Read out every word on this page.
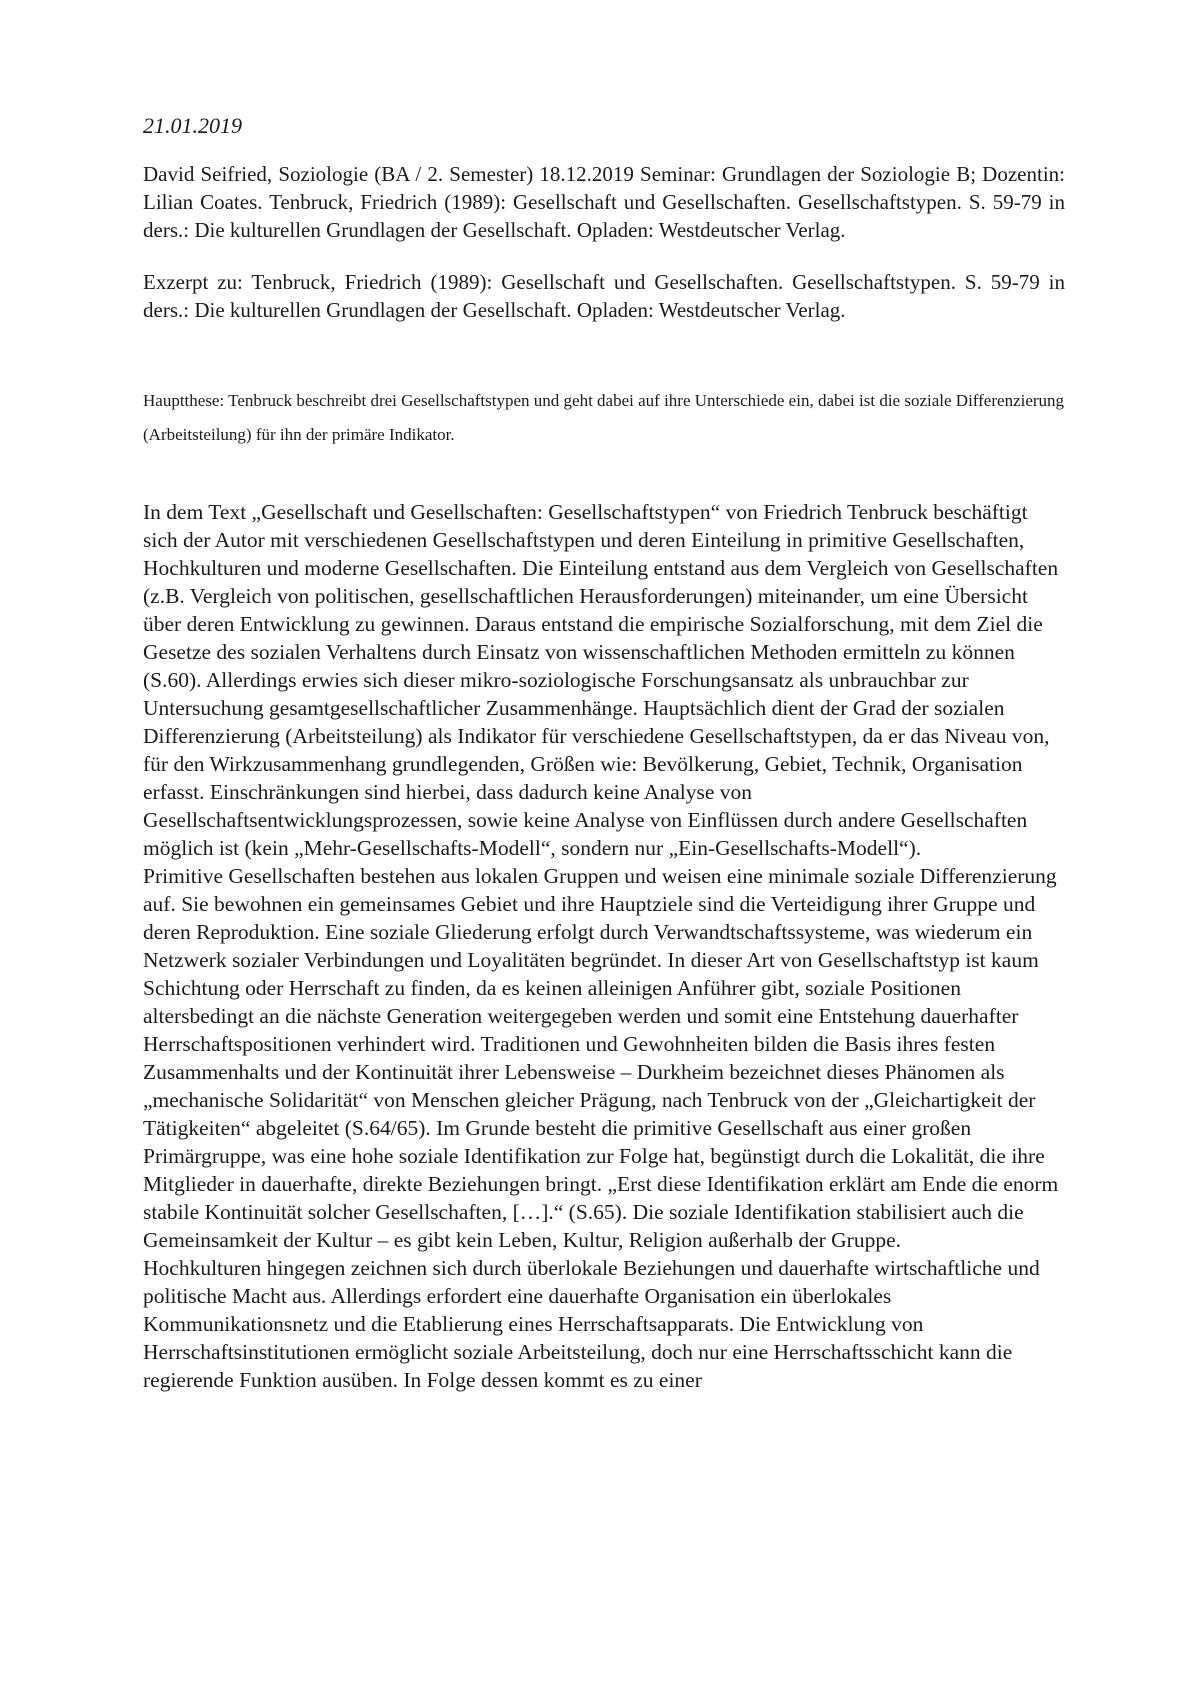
21.01.2019
David Seifried, Soziologie (BA / 2. Semester) 18.12.2019 Seminar: Grundlagen der Soziologie B; Dozentin: Lilian Coates. Tenbruck, Friedrich (1989): Gesellschaft und Gesellschaften. Gesellschaftstypen. S. 59-79 in ders.: Die kulturellen Grundlagen der Gesellschaft. Opladen: Westdeutscher Verlag.
Exzerpt zu: Tenbruck, Friedrich (1989): Gesellschaft und Gesellschaften. Gesellschaftstypen. S. 59-79 in ders.: Die kulturellen Grundlagen der Gesellschaft. Opladen: Westdeutscher Verlag.
Hauptthese: Tenbruck beschreibt drei Gesellschaftstypen und geht dabei auf ihre Unterschiede ein, dabei ist die soziale Differenzierung (Arbeitsteilung) für ihn der primäre Indikator.

In dem Text „Gesellschaft und Gesellschaften: Gesellschaftstypen“ von Friedrich Tenbruck beschäftigt sich der Autor mit verschiedenen Gesellschaftstypen und deren Einteilung in primitive Gesellschaften, Hochkulturen und moderne Gesellschaften. Die Einteilung entstand aus dem Vergleich von Gesellschaften (z.B. Vergleich von politischen, gesellschaftlichen Herausforderungen) miteinander, um eine Übersicht über deren Entwicklung zu gewinnen. Daraus entstand die empirische Sozialforschung, mit dem Ziel die Gesetze des sozialen Verhaltens durch Einsatz von wissenschaftlichen Methoden ermitteln zu können (S.60). Allerdings erwies sich dieser mikro-soziologische Forschungsansatz als unbrauchbar zur Untersuchung gesamtgesellschaftlicher Zusammenhänge. Hauptsächlich dient der Grad der sozialen Differenzierung (Arbeitsteilung) als Indikator für verschiedene Gesellschaftstypen, da er das Niveau von, für den Wirkzusammenhang grundlegenden, Größen wie: Bevölkerung, Gebiet, Technik, Organisation erfasst. Einschränkungen sind hierbei, dass dadurch keine Analyse von Gesellschaftsentwicklungsprozessen, sowie keine Analyse von Einflüssen durch andere Gesellschaften möglich ist (kein „Mehr-Gesellschafts-Modell“, sondern nur „Ein-Gesellschafts-Modell“).

Primitive Gesellschaften bestehen aus lokalen Gruppen und weisen eine minimale soziale Differenzierung auf. Sie bewohnen ein gemeinsames Gebiet und ihre Hauptziele sind die Verteidigung ihrer Gruppe und deren Reproduktion. Eine soziale Gliederung erfolgt durch Verwandtschaftssysteme, was wiederum ein Netzwerk sozialer Verbindungen und Loyalitäten begründet. In dieser Art von Gesellschaftstyp ist kaum Schichtung oder Herrschaft zu finden, da es keinen alleinigen Anführer gibt, soziale Positionen altersbedingt an die nächste Generation weitergegeben werden und somit eine Entstehung dauerhafter Herrschaftspositionen verhindert wird. Traditionen und Gewohnheiten bilden die Basis ihres festen Zusammenhalts und der Kontinuität ihrer Lebensweise – Durkheim bezeichnet dieses Phänomen als „mechanische Solidarität“ von Menschen gleicher Prägung, nach Tenbruck von der „Gleichartigkeit der Tätigkeiten“ abgeleitet (S.64/65). Im Grunde besteht die primitive Gesellschaft aus einer großen Primärgruppe, was eine hohe soziale Identifikation zur Folge hat, begünstigt durch die Lokalität, die ihre Mitglieder in dauerhafte, direkte Beziehungen bringt. „Erst diese Identifikation erklärt am Ende die enorm stabile Kontinuität solcher Gesellschaften, […].“ (S.65). Die soziale Identifikation stabilisiert auch die Gemeinsamkeit der Kultur – es gibt kein Leben, Kultur, Religion außerhalb der Gruppe.

Hochkulturen hingegen zeichnen sich durch überlokale Beziehungen und dauerhafte wirtschaftliche und politische Macht aus. Allerdings erfordert eine dauerhafte Organisation ein überlokales Kommunikationsnetz und die Etablierung eines Herrschaftsapparats. Die Entwicklung von Herrschaftsinstitutionen ermöglicht soziale Arbeitsteilung, doch nur eine Herrschaftsschicht kann die regierende Funktion ausüben. In Folge dessen kommt es zu einer
